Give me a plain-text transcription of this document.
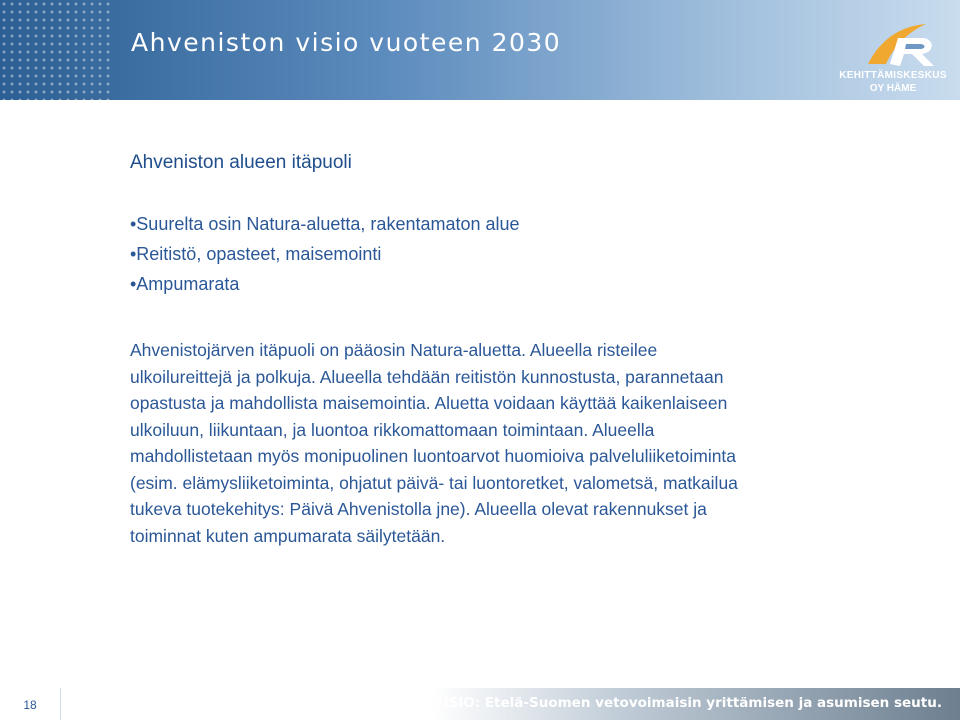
Ahveniston visio vuoteen 2030
KEHITTÄMISKESKUS
OY HÄME
Ahveniston alueen itäpuoli
•Suurelta osin Natura-aluetta, rakentamaton alue
•Reitistö, opasteet, maisemointi
•Ampumarata
Ahvenistojärven itäpuoli on pääosin Natura-aluetta. Alueella risteilee
ulkoilureittejä ja polkuja. Alueella tehdään reitistön kunnostusta, parannetaan
opastusta ja mahdollista maisemointia. Aluetta voidaan käyttää kaikenlaiseen
ulkoiluun, liikuntaan, ja luontoa rikkomattomaan toimintaan. Alueella
mahdollistetaan myös monipuolinen luontoarvot huomioiva palveluliiketoiminta
(esim. elämysliiketoiminta, ohjatut päivä- tai luontoretket, valometsä, matkailua
tukeva tuotekehitys: Päivä Ahvenistolla jne). Alueella olevat rakennukset ja
toiminnat kuten ampumarata säilytetään.
18	VISIO: Etelä-Suomen vetovoimaisin yrittämisen ja asumisen seutu.
